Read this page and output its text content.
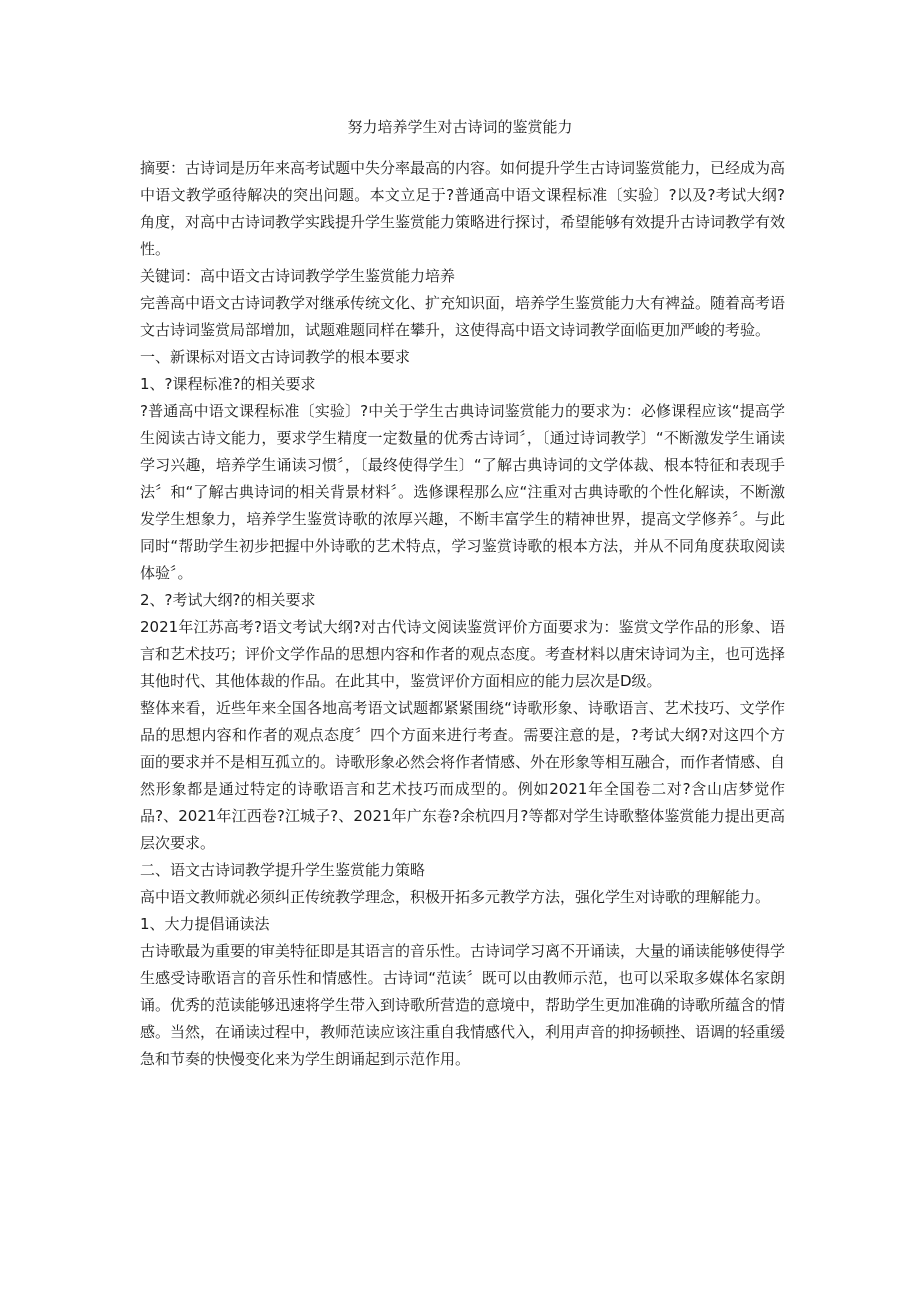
努力培养学生对古诗词的鉴赏能力

摘要：古诗词是历年来高考试题中失分率最高的内容。如何提升学生古诗词鉴赏能力，已经成为高中语文教学亟待解决的突出问题。本文立足于?普通高中语文课程标准〔实验〕?以及?考试大纲?角度，对高中古诗词教学实践提升学生鉴赏能力策略进行探讨，希望能够有效提升古诗词教学有效性。

关键词：高中语文古诗词教学学生鉴赏能力培养

完善高中语文古诗词教学对继承传统文化、扩充知识面，培养学生鉴赏能力大有裨益。随着高考语文古诗词鉴赏局部增加，试题难题同样在攀升，这使得高中语文诗词教学面临更加严峻的考验。

一、新课标对语文古诗词教学的根本要求

1、?课程标准?的相关要求

?普通高中语文课程标准〔实验〕?中关于学生古典诗词鉴赏能力的要求为：必修课程应该“提高学生阅读古诗文能力，要求学生精度一定数量的优秀古诗词〞，〔通过诗词教学〕“不断激发学生诵读学习兴趣，培养学生诵读习惯〞，〔最终使得学生〕“了解古典诗词的文学体裁、根本特征和表现手法〞和“了解古典诗词的相关背景材料〞。选修课程那么应“注重对古典诗歌的个性化解读，不断激发学生想象力，培养学生鉴赏诗歌的浓厚兴趣，不断丰富学生的精神世界，提高文学修养〞。与此同时“帮助学生初步把握中外诗歌的艺术特点，学习鉴赏诗歌的根本方法，并从不同角度获取阅读体验〞。

2、?考试大纲?的相关要求

2021年江苏高考?语文考试大纲?对古代诗文阅读鉴赏评价方面要求为：鉴赏文学作品的形象、语言和艺术技巧；评价文学作品的思想内容和作者的观点态度。考查材料以唐宋诗词为主，也可选择其他时代、其他体裁的作品。在此其中，鉴赏评价方面相应的能力层次是D级。

整体来看，近些年来全国各地高考语文试题都紧紧围绕“诗歌形象、诗歌语言、艺术技巧、文学作品的思想内容和作者的观点态度〞四个方面来进行考查。需要注意的是，?考试大纲?对这四个方面的要求并不是相互孤立的。诗歌形象必然会将作者情感、外在形象等相互融合，而作者情感、自然形象都是通过特定的诗歌语言和艺术技巧而成型的。例如2021年全国卷二对?含山店梦觉作品?、2021年江西卷?江城子?、2021年广东卷?余杭四月?等都对学生诗歌整体鉴赏能力提出更高层次要求。

二、语文古诗词教学提升学生鉴赏能力策略

高中语文教师就必须纠正传统教学理念，积极开拓多元教学方法，强化学生对诗歌的理解能力。

1、大力提倡诵读法

古诗歌最为重要的审美特征即是其语言的音乐性。古诗词学习离不开诵读，大量的诵读能够使得学生感受诗歌语言的音乐性和情感性。古诗词“范读〞既可以由教师示范，也可以采取多媒体名家朗诵。优秀的范读能够迅速将学生带入到诗歌所营造的意境中，帮助学生更加准确的诗歌所蕴含的情感。当然，在诵读过程中，教师范读应该注重自我情感代入，利用声音的抑扬顿挫、语调的轻重缓急和节奏的快慢变化来为学生朗诵起到示范作用。
